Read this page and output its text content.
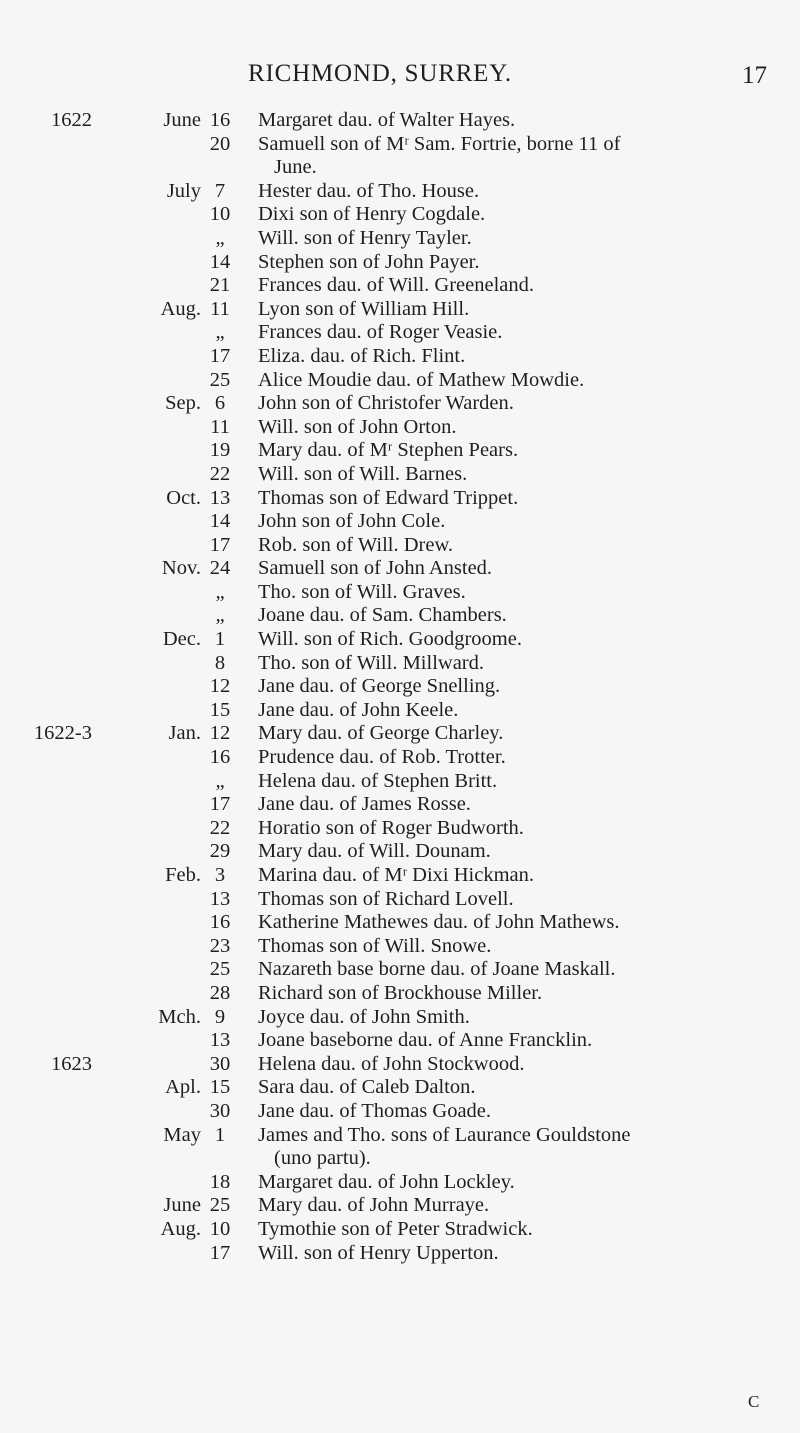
RICHMOND, SURREY.	17
1622	June 16	Margaret dau. of Walter Hayes.
20	Samuell son of Mʳ Sam. Fortrie, borne 11 of
June.
July 7	Hester dau. of Tho. House.
10	Dixi son of Henry Cogdale.
„	Will. son of Henry Tayler.
14	Stephen son of John Payer.
21	Frances dau. of Will. Greeneland.
Aug. 11	Lyon son of William Hill.
„	Frances dau. of Roger Veasie.
17	Eliza. dau. of Rich. Flint.
25	Alice Moudie dau. of Mathew Mowdie.
Sep. 6	John son of Christofer Warden.
11	Will. son of John Orton.
19	Mary dau. of Mʳ Stephen Pears.
22	Will. son of Will. Barnes.
Oct. 13	Thomas son of Edward Trippet.
14	John son of John Cole.
17	Rob. son of Will. Drew.
Nov. 24	Samuell son of John Ansted.
„	Tho. son of Will. Graves.
„	Joane dau. of Sam. Chambers.
Dec. 1	Will. son of Rich. Goodgroome.
8	Tho. son of Will. Millward.
12	Jane dau. of George Snelling.
15	Jane dau. of John Keele.
1622-3	Jan. 12	Mary dau. of George Charley.
16	Prudence dau. of Rob. Trotter.
„	Helena dau. of Stephen Britt.
17	Jane dau. of James Rosse.
22	Horatio son of Roger Budworth.
29	Mary dau. of Will. Dounam.
Feb. 3	Marina dau. of Mʳ Dixi Hickman.
13	Thomas son of Richard Lovell.
16	Katherine Mathewes dau. of John Mathews.
23	Thomas son of Will. Snowe.
25	Nazareth base borne dau. of Joane Maskall.
28	Richard son of Brockhouse Miller.
Mch. 9	Joyce dau. of John Smith.
13	Joane baseborne dau. of Anne Francklin.
1623	30	Helena dau. of John Stockwood.
Apl. 15	Sara dau. of Caleb Dalton.
30	Jane dau. of Thomas Goade.
May 1	James and Tho. sons of Laurance Gouldstone
(uno partu).
18	Margaret dau. of John Lockley.
June 25	Mary dau. of John Murraye.
Aug. 10	Tymothie son of Peter Stradwick.
17	Will. son of Henry Upperton.
C
